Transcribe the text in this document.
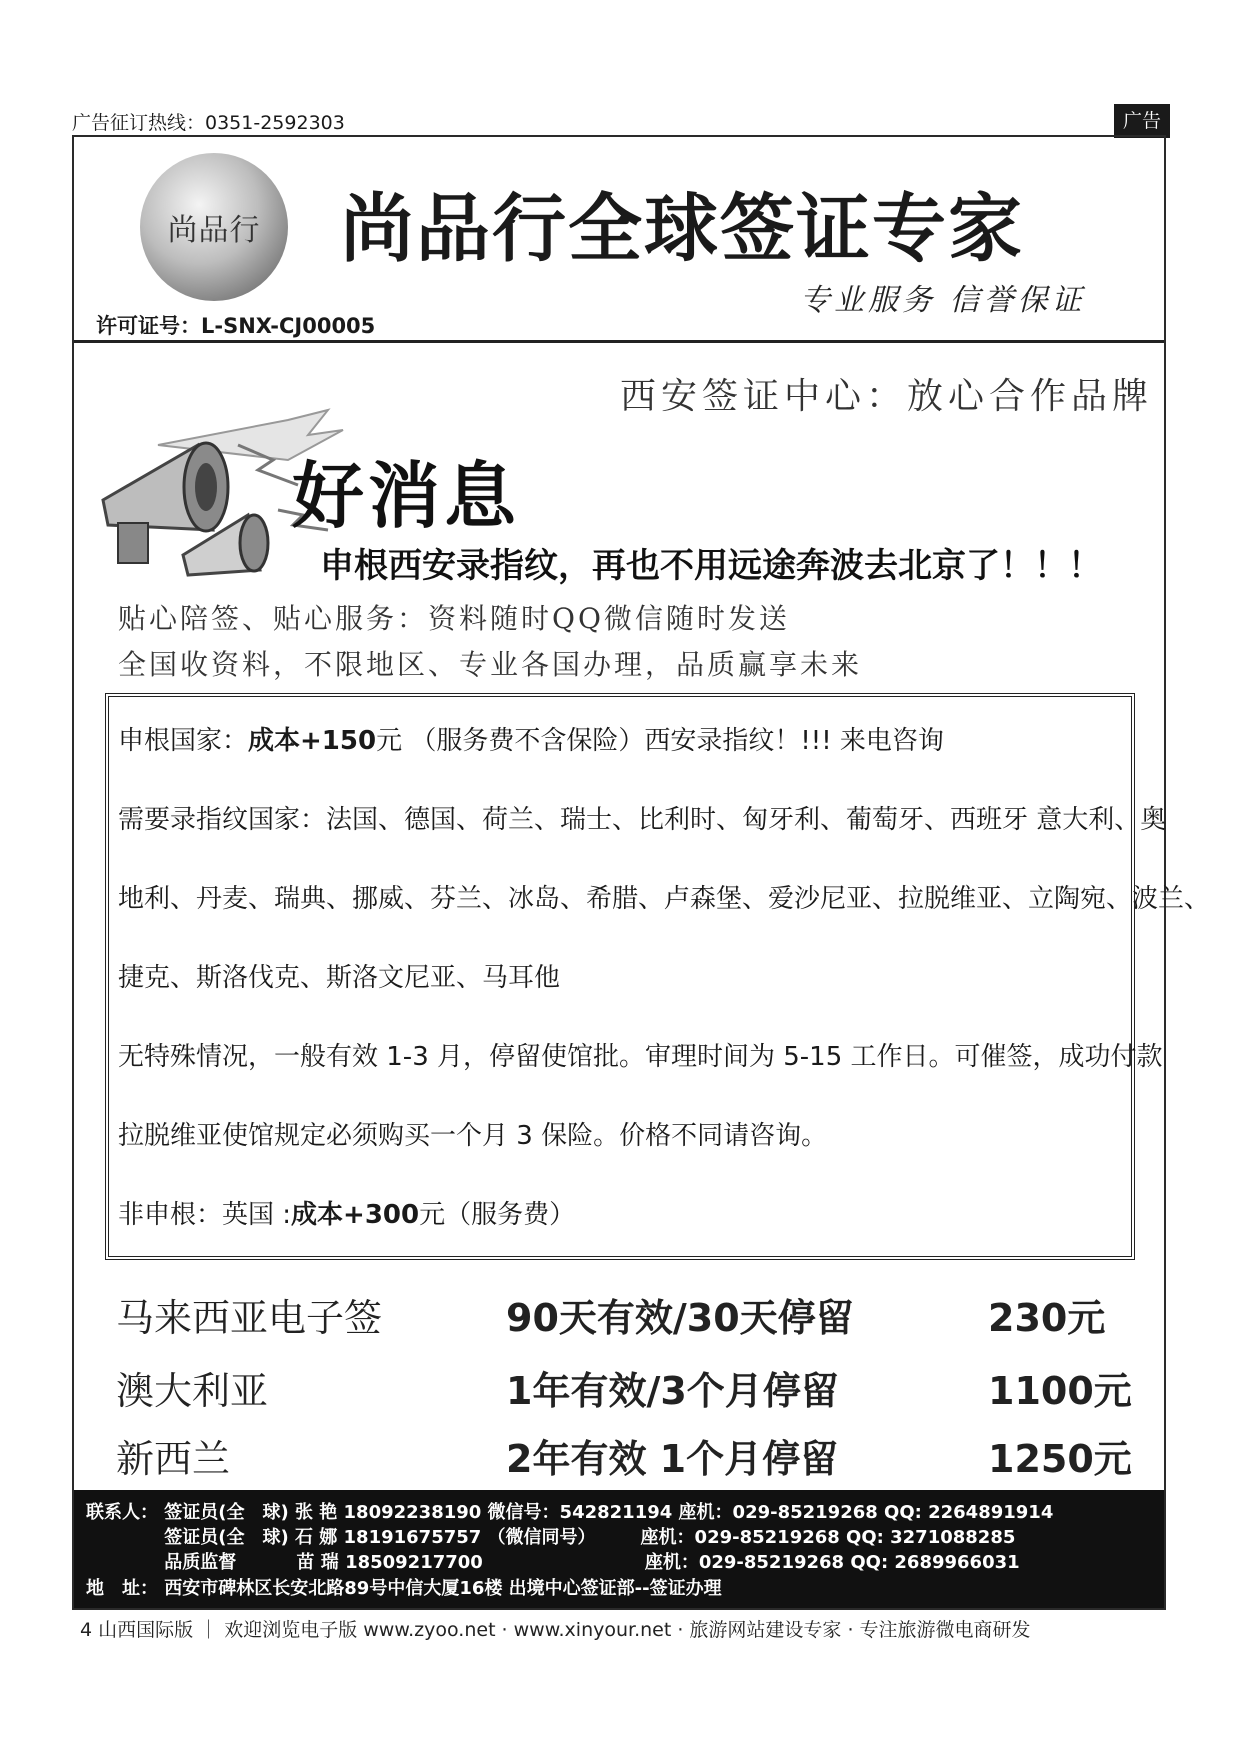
广告征订热线：0351-2592303	广告
尚品行 尚品行全球签证专家
专业服务 信誉保证
许可证号：L-SNX-CJ00005
西安签证中心：放心合作品牌
好消息
申根西安录指纹，再也不用远途奔波去北京了！！！
贴心陪签、贴心服务：资料随时QQ微信随时发送
全国收资料，不限地区、专业各国办理，品质赢享未来
申根国家：成本+150元 （服务费不含保险）西安录指纹！!!! 来电咨询
需要录指纹国家：法国、德国、荷兰、瑞士、比利时、匈牙利、葡萄牙、西班牙 意大利、奥
地利、丹麦、瑞典、挪威、芬兰、冰岛、希腊、卢森堡、爱沙尼亚、拉脱维亚、立陶宛、波兰、
捷克、斯洛伐克、斯洛文尼亚、马耳他
无特殊情况，一般有效 1-3 月，停留使馆批。审理时间为 5-15 工作日。可催签，成功付款
拉脱维亚使馆规定必须购买一个月 3 保险。价格不同请咨询。
非申根：英国 :成本+300元（服务费）
马来西亚电子签	90天有效/30天停留	230元
澳大利亚	1年有效/3个月停留	1100元
新西兰	2年有效 1个月停留	1250元
联系人： 签证员(全　球) 张 艳 18092238190 微信号：542821194 座机：029-85219268 QQ: 2264891914
　　　　 签证员(全　球) 石 娜 18191675757 （微信同号）　　　座机：029-85219268 QQ: 3271088285
　　　　 品质监督　　　 苗 瑞 18509217700　　　　　　　　　座机：029-85219268 QQ: 2689966031
地　址： 西安市碑林区长安北路89号中信大厦16楼 出境中心签证部--签证办理
4 山西国际版 ｜ 欢迎浏览电子版 www.zyoo.net · www.xinyour.net · 旅游网站建设专家 · 专注旅游微电商研发
